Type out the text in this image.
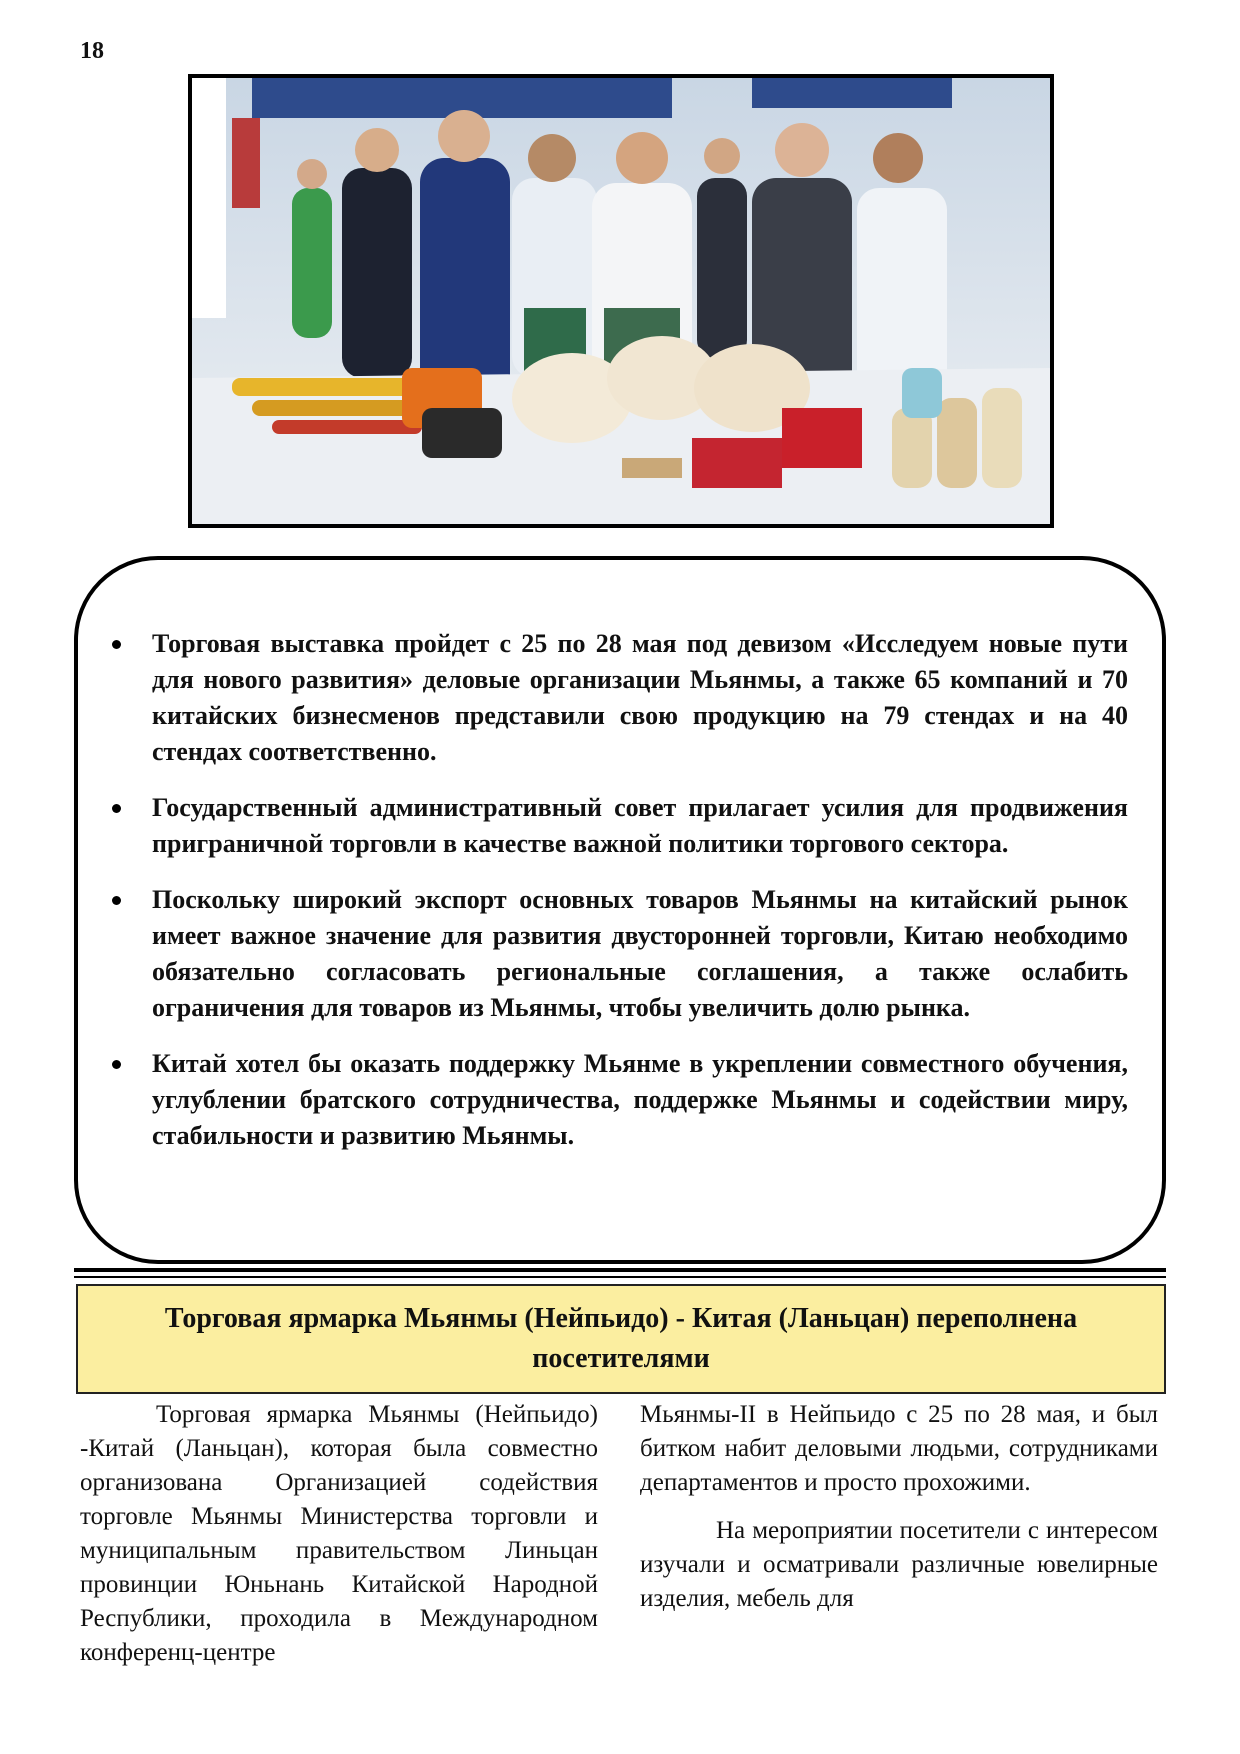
18
Торговая выставка пройдет с 25 по 28 мая под девизом «Исследуем новые пути для нового развития» деловые организации Мьянмы, а также 65 компаний и 70 китайских бизнесменов представили свою продукцию на 79 стендах и на 40 стендах соответственно.
Государственный административный совет прилагает усилия для продвижения приграничной торговли в качестве важной политики торгового сектора.
Поскольку широкий экспорт основных товаров Мьянмы на китайский рынок имеет важное значение для развития двусторонней торговли, Китаю необходимо обязательно согласовать региональные соглашения, а также ослабить ограничения для товаров из Мьянмы, чтобы увеличить долю рынка.
Китай хотел бы оказать поддержку Мьянме в укреплении совместного обучения, углублении братского сотрудничества, поддержке Мьянмы и содействии миру, стабильности и развитию Мьянмы.
Торговая ярмарка Мьянмы (Нейпьидо) - Китая (Ланьцан) переполнена посетителями

Торговая ярмарка Мьянмы (Нейпьидо) -Китай (Ланьцан), которая была совместно организована Организацией содействия торговле Мьянмы Министерства торговли и муниципальным правительством Линьцан провинции Юньнань Китайской Народной Республики, проходила в Международном конференц-центре

Мьянмы-II в Нейпьидо с 25 по 28 мая, и был битком набит деловыми людьми, сотрудниками департаментов и просто прохожими.

На мероприятии посетители с интересом изучали и осматривали различные ювелирные изделия, мебель для
